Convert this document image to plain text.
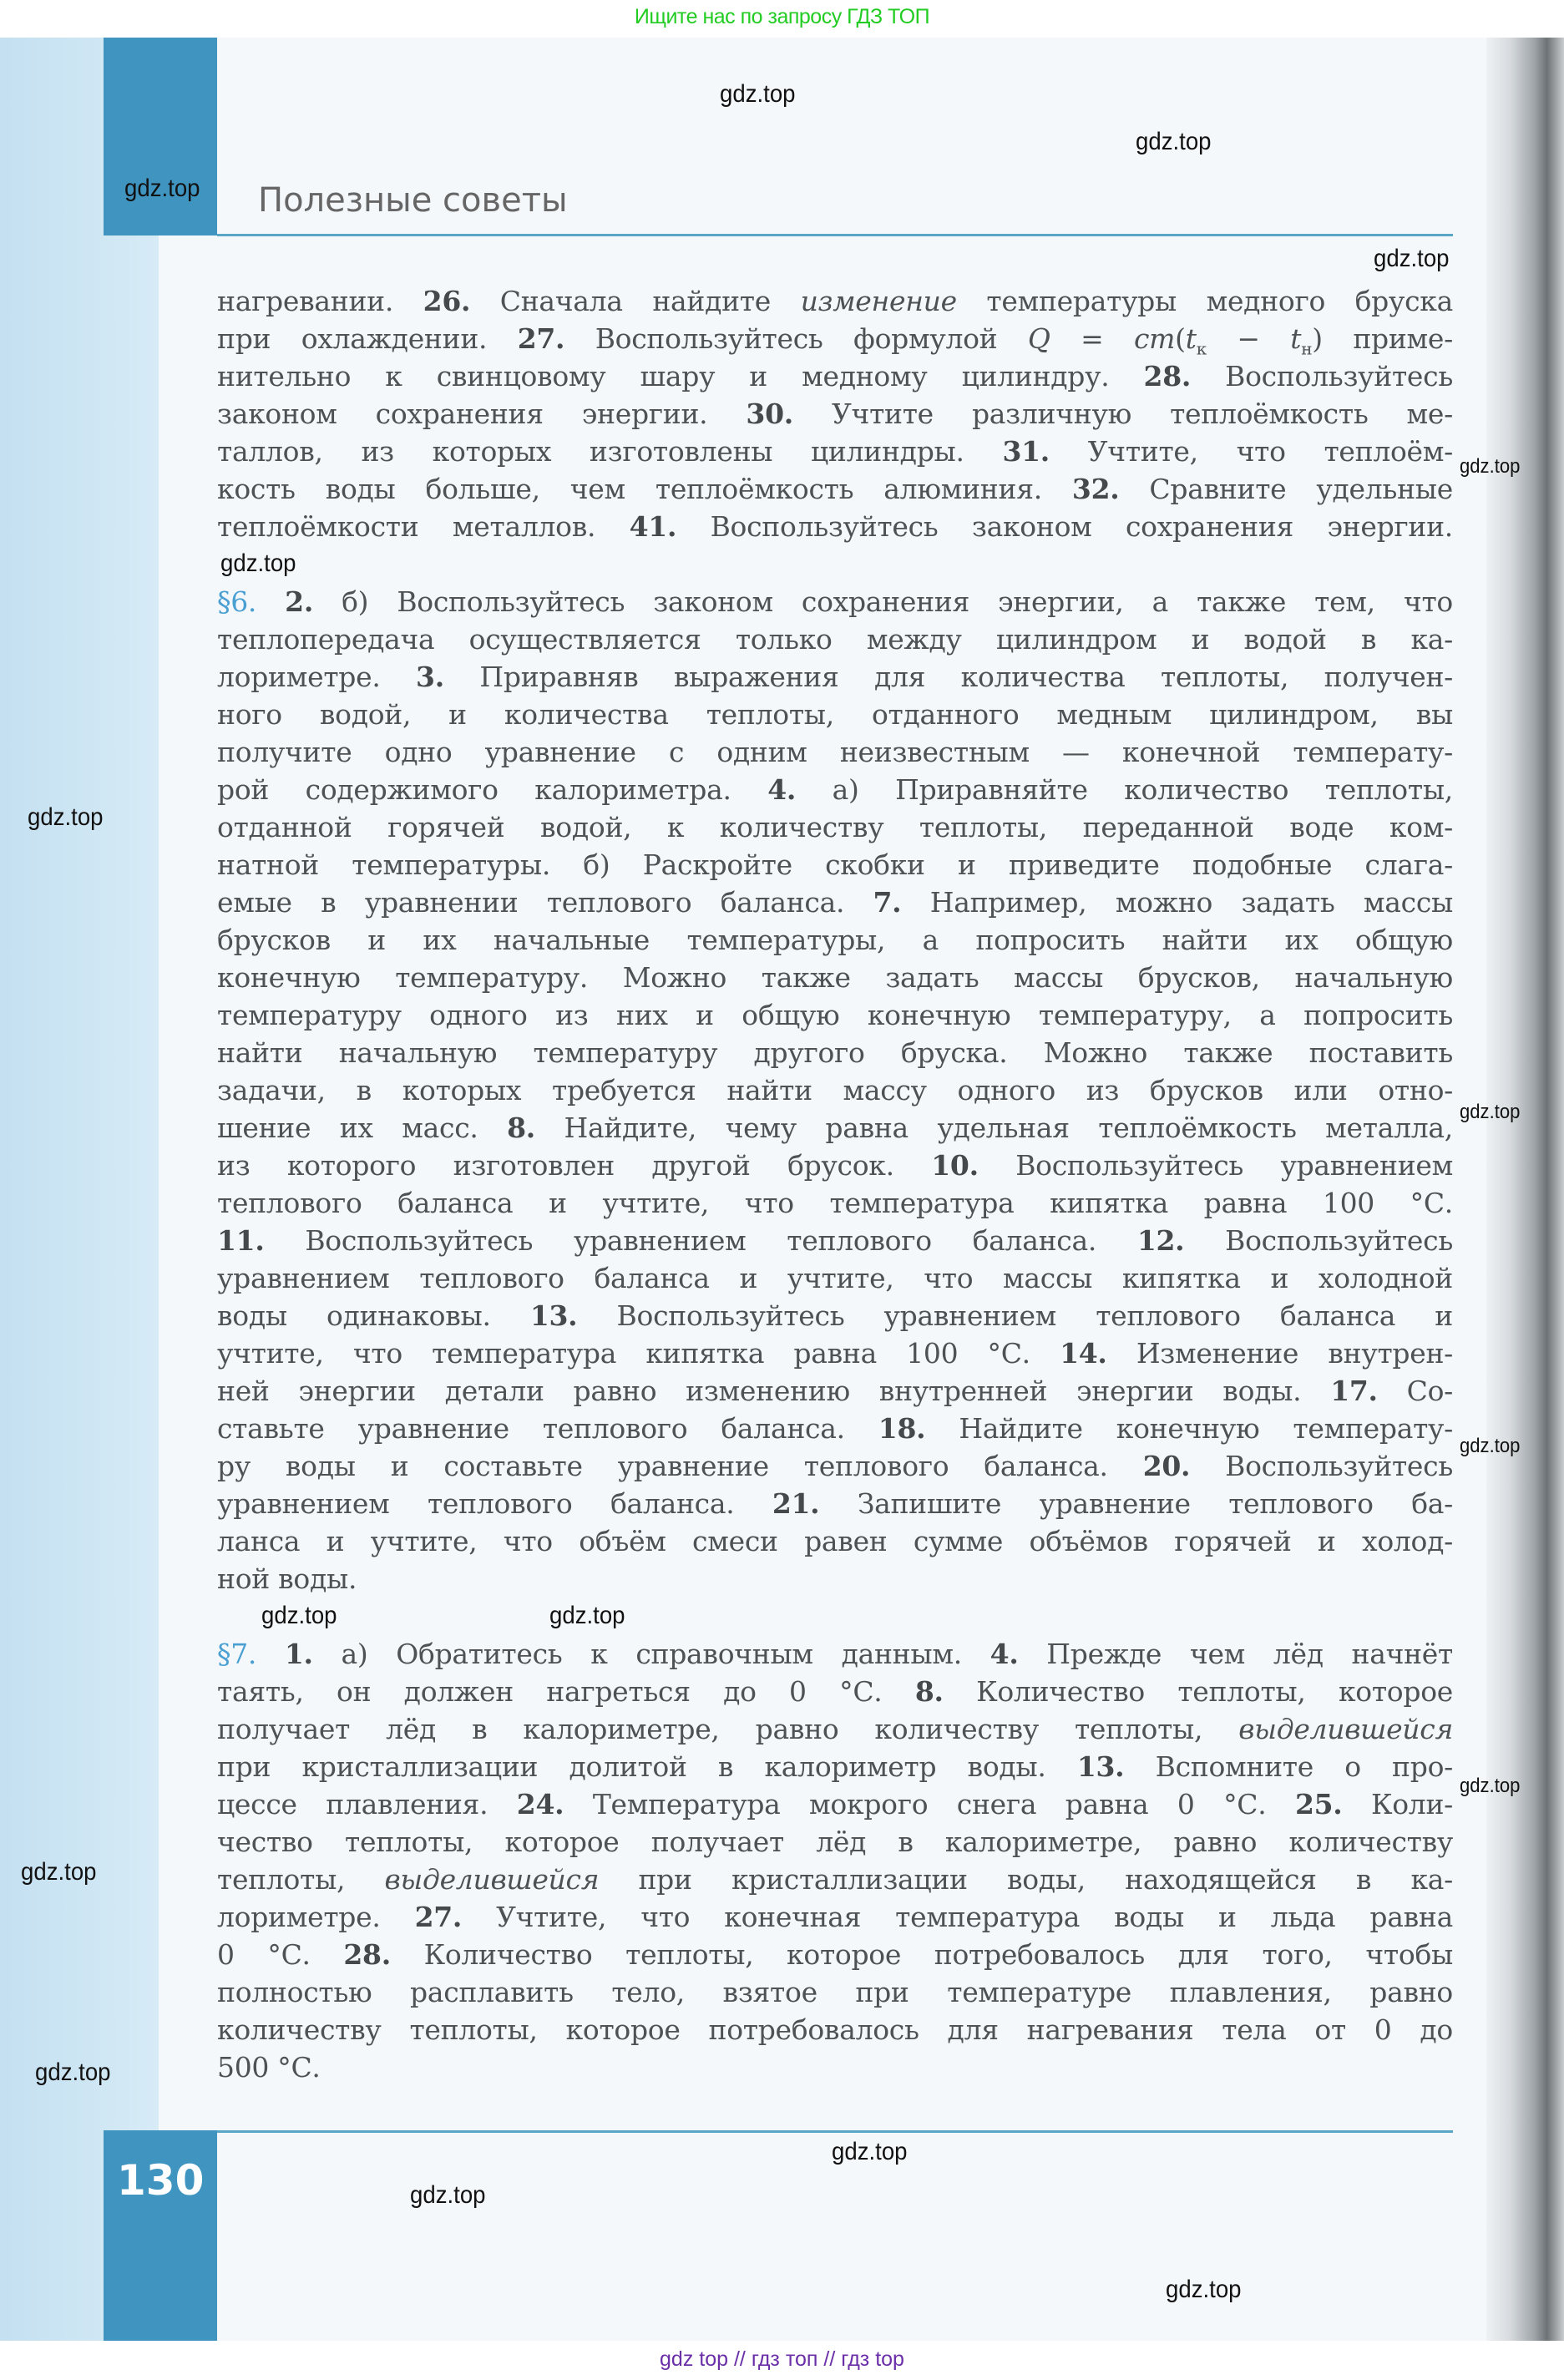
Ищите нас по запросу ГДЗ ТОП
Полезные советы
нагревании. 26. Сначала найдите изменение температуры медного бруска
при охлаждении. 27. Воспользуйтесь формулой $Q = cm(t_к - t_н)$ приме-
нительно к свинцовому шару и медному цилиндру. 28. Воспользуйтесь
законом сохранения энергии. 30. Учтите различную теплоёмкость ме-
таллов, из которых изготовлены цилиндры. 31. Учтите, что теплоём-
кость воды больше, чем теплоёмкость алюминия. 32. Сравните удельные
теплоёмкости металлов. 41. Воспользуйтесь законом сохранения энергии.
§6. 2. б) Воспользуйтесь законом сохранения энергии, а также тем, что
теплопередача осуществляется только между цилиндром и водой в ка-
лориметре. 3. Приравняв выражения для количества теплоты, получен-
ного водой, и количества теплоты, отданного медным цилиндром, вы
получите одно уравнение с одним неизвестным — конечной температу-
рой содержимого калориметра. 4. а) Приравняйте количество теплоты,
отданной горячей водой, к количеству теплоты, переданной воде ком-
натной температуры. б) Раскройте скобки и приведите подобные слага-
емые в уравнении теплового баланса. 7. Например, можно задать массы
брусков и их начальные температуры, а попросить найти их общую
конечную температуру. Можно также задать массы брусков, начальную
температуру одного из них и общую конечную температуру, а попросить
найти начальную температуру другого бруска. Можно также поставить
задачи, в которых требуется найти массу одного из брусков или отно-
шение их масс. 8. Найдите, чему равна удельная теплоёмкость металла,
из которого изготовлен другой брусок. 10. Воспользуйтесь уравнением
теплового баланса и учтите, что температура кипятка равна 100 °С.
11. Воспользуйтесь уравнением теплового баланса. 12. Воспользуйтесь
уравнением теплового баланса и учтите, что массы кипятка и холодной
воды одинаковы. 13. Воспользуйтесь уравнением теплового баланса и
учтите, что температура кипятка равна 100 °С. 14. Изменение внутрен-
ней энергии детали равно изменению внутренней энергии воды. 17. Со-
ставьте уравнение теплового баланса. 18. Найдите конечную температу-
ру воды и составьте уравнение теплового баланса. 20. Воспользуйтесь
уравнением теплового баланса. 21. Запишите уравнение теплового ба-
ланса и учтите, что объём смеси равен сумме объёмов горячей и холод-
ной воды.
§7. 1. а) Обратитесь к справочным данным. 4. Прежде чем лёд начнёт
таять, он должен нагреться до 0 °С. 8. Количество теплоты, которое
получает лёд в калориметре, равно количеству теплоты, выделившейся
при кристаллизации долитой в калориметр воды. 13. Вспомните о про-
цессе плавления. 24. Температура мокрого снега равна 0 °С. 25. Коли-
чество теплоты, которое получает лёд в калориметре, равно количеству
теплоты, выделившейся при кристаллизации воды, находящейся в ка-
лориметре. 27. Учтите, что конечная температура воды и льда равна
0 °С. 28. Количество теплоты, которое потребовалось для того, чтобы
полностью расплавить тело, взятое при температуре плавления, равно
количеству теплоты, которое потребовалось для нагревания тела от 0 до
500 °С.
130
gdz.top
gdz.top
gdz.top
gdz.top
gdz.top
gdz.top
gdz.top
gdz.top
gdz.top
gdz.top
gdz.top
gdz.top
gdz.top
gdz.top
gdz.top
gdz.top
gdz.top
gdz top // гдз топ // гдз top
